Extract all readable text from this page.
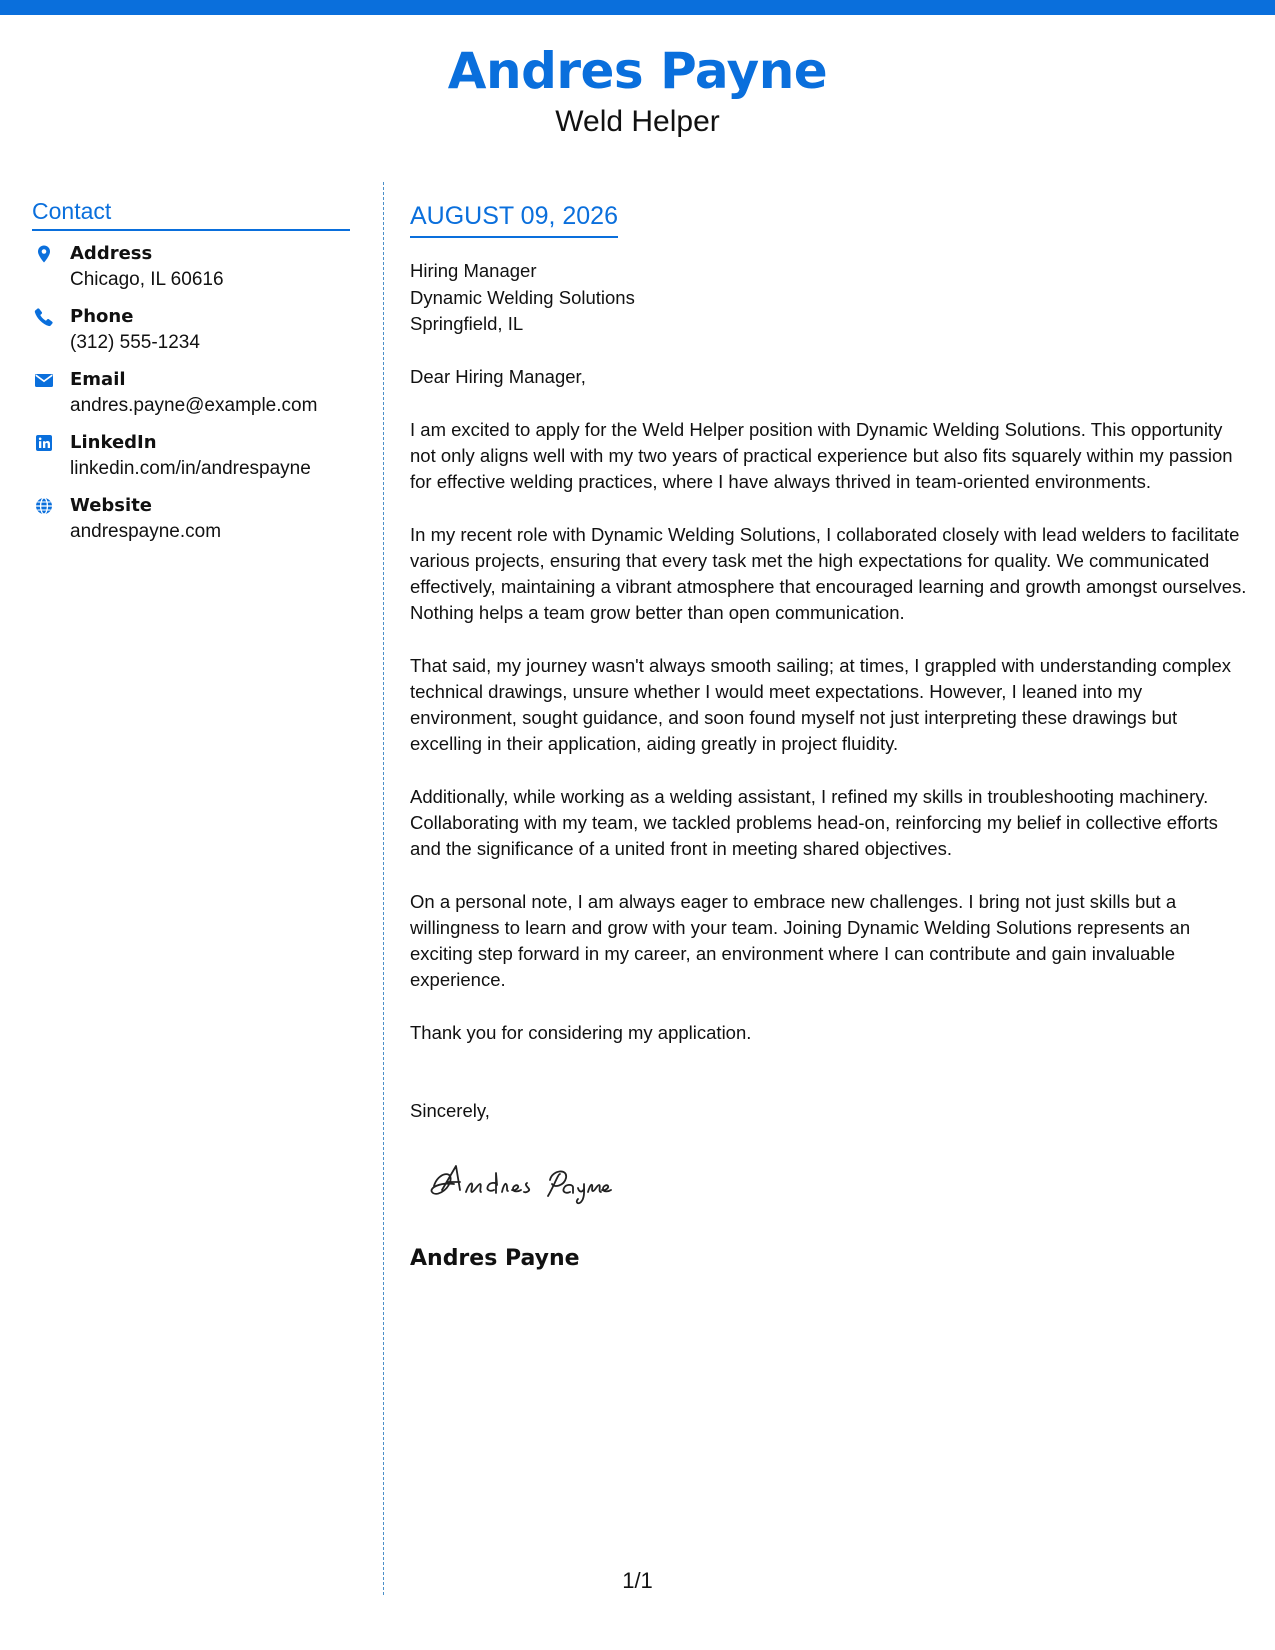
Andres Payne
Weld Helper
Contact
Address
Chicago, IL 60616
Phone
(312) 555-1234
Email
andres.payne@example.com
LinkedIn
linkedin.com/in/andrespayne
Website
andrespayne.com
AUGUST 09, 2026
Hiring Manager
Dynamic Welding Solutions
Springfield, IL
Dear Hiring Manager,
I am excited to apply for the Weld Helper position with Dynamic Welding Solutions. This opportunity not only aligns well with my two years of practical experience but also fits squarely within my passion for effective welding practices, where I have always thrived in team-oriented environments.
In my recent role with Dynamic Welding Solutions, I collaborated closely with lead welders to facilitate various projects, ensuring that every task met the high expectations for quality. We communicated effectively, maintaining a vibrant atmosphere that encouraged learning and growth amongst ourselves. Nothing helps a team grow better than open communication.
That said, my journey wasn't always smooth sailing; at times, I grappled with understanding complex technical drawings, unsure whether I would meet expectations. However, I leaned into my environment, sought guidance, and soon found myself not just interpreting these drawings but excelling in their application, aiding greatly in project fluidity.
Additionally, while working as a welding assistant, I refined my skills in troubleshooting machinery. Collaborating with my team, we tackled problems head-on, reinforcing my belief in collective efforts and the significance of a united front in meeting shared objectives.
On a personal note, I am always eager to embrace new challenges. I bring not just skills but a willingness to learn and grow with your team. Joining Dynamic Welding Solutions represents an exciting step forward in my career, an environment where I can contribute and gain invaluable experience.
Thank you for considering my application.
Sincerely,
Andres Payne
1/1
